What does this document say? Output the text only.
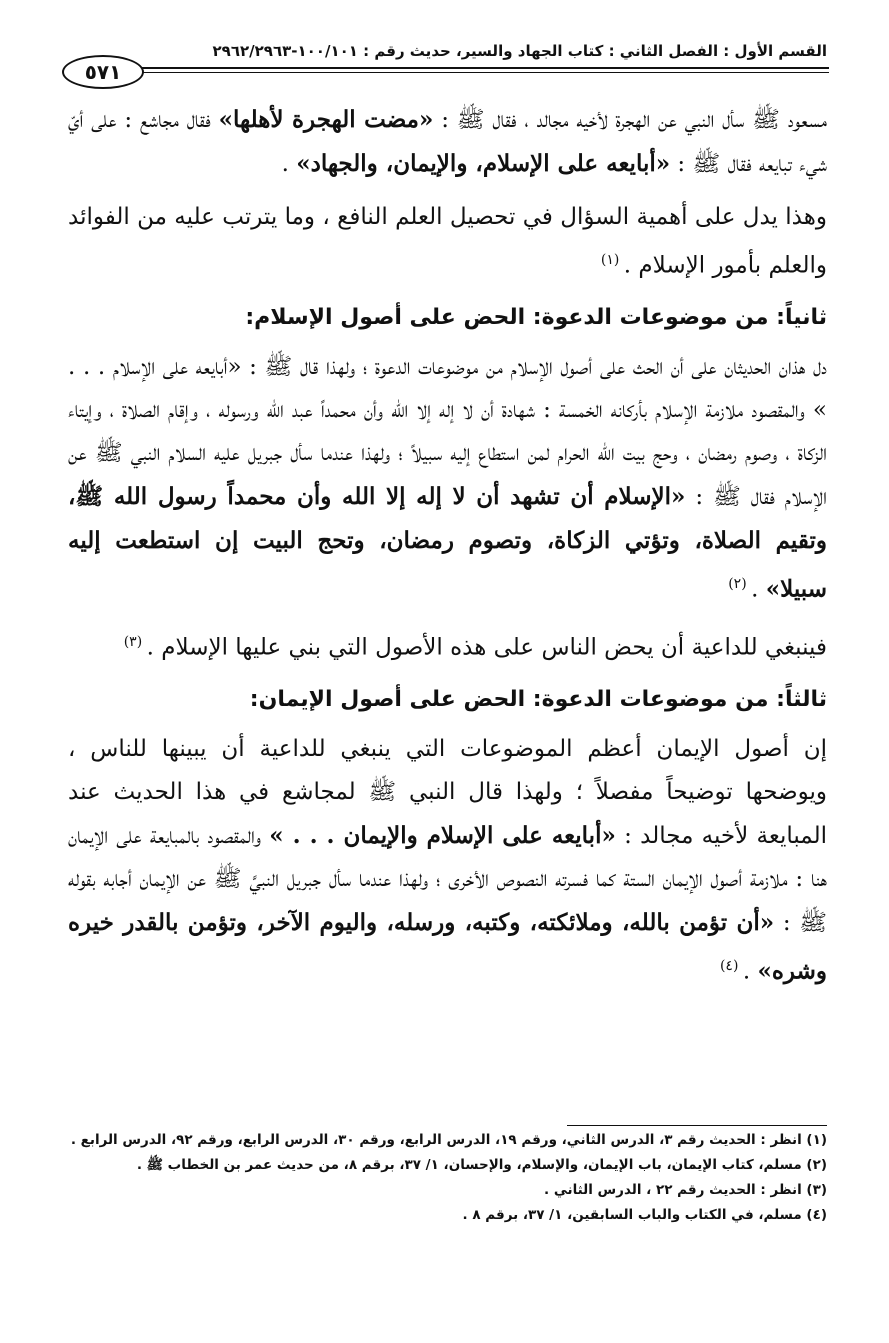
القسم الأول : الفصل الثاني : كتاب الجهاد والسير، حديث رقم : ١٠٠/١٠١-٢٩٦٢/٢٩٦٣
٥٧١

مسعود ﷺ سأل النبي عن الهجرة لأخيه مجالد ، فقال ﷺ : «مضت الهجرة لأهلها» فقال مجاشع : على أيّ شيء تبايعه فقال ﷺ : «أبايعه على الإسلام، والإيمان، والجهاد» .

وهذا يدل على أهمية السؤال في تحصيل العلم النافع ، وما يترتب عليه من الفوائد والعلم بأمور الإسلام . $^{(١)}$

ثانياً: من موضوعات الدعوة: الحض على أصول الإسلام:

دل هذان الحديثان على أن الحث على أصول الإسلام من موضوعات الدعوة ؛ ولهذا قال ﷺ : «أبايعه على الإسلام . . . » والمقصود ملازمة الإسلام بأركانه الخمسة : شهادة أن لا إله إلا الله وأن محمداً عبد الله ورسوله ، وإقام الصلاة ، وإيتاء الزكاة ، وصوم رمضان ، وحج بيت الله الحرام لمن استطاع إليه سبيلاً ؛ ولهذا عندما سأل جبريل عليه السلام النبي ﷺ عن الإسلام فقال ﷺ : «الإسلام أن تشهد أن لا إله إلا الله وأن محمداً رسول الله ﷺ، وتقيم الصلاة، وتؤتي الزكاة، وتصوم رمضان، وتحج البيت إن استطعت إليه سبيلا» . $^{(٢)}$

فينبغي للداعية أن يحض الناس على هذه الأصول التي بني عليها الإسلام . $^{(٣)}$

ثالثاً: من موضوعات الدعوة: الحض على أصول الإيمان:

إن أصول الإيمان أعظم الموضوعات التي ينبغي للداعية أن يبينها للناس ، ويوضحها توضيحاً مفصلاً ؛ ولهذا قال النبي ﷺ لمجاشع في هذا الحديث عند المبايعة لأخيه مجالد : «أبايعه على الإسلام والإيمان . . . » والمقصود بالمبايعة على الإيمان هنا : ملازمة أصول الإيمان الستة كما فسرته النصوص الأخرى ؛ ولهذا عندما سأل جبريل النبيَّ ﷺ عن الإيمان أجابه بقوله ﷺ : «أن تؤمن بالله، وملائكته، وكتبه، ورسله، واليوم الآخر، وتؤمن بالقدر خيره وشره» . $^{(٤)}$

(١) انظر : الحديث رقم ٣، الدرس الثاني، ورقم ١٩، الدرس الرابع، ورقم ٣٠، الدرس الرابع، ورقم ٩٢، الدرس الرابع .
(٢) مسلم، كتاب الإيمان، باب الإيمان، والإسلام، والإحسان، ١/ ٣٧، برقم ٨، من حديث عمر بن الخطاب ﷺ .
(٣) انظر : الحديث رقم ٢٢ ، الدرس الثاني .
(٤) مسلم، في الكتاب والباب السابقين، ١/ ٣٧، برقم ٨ .
